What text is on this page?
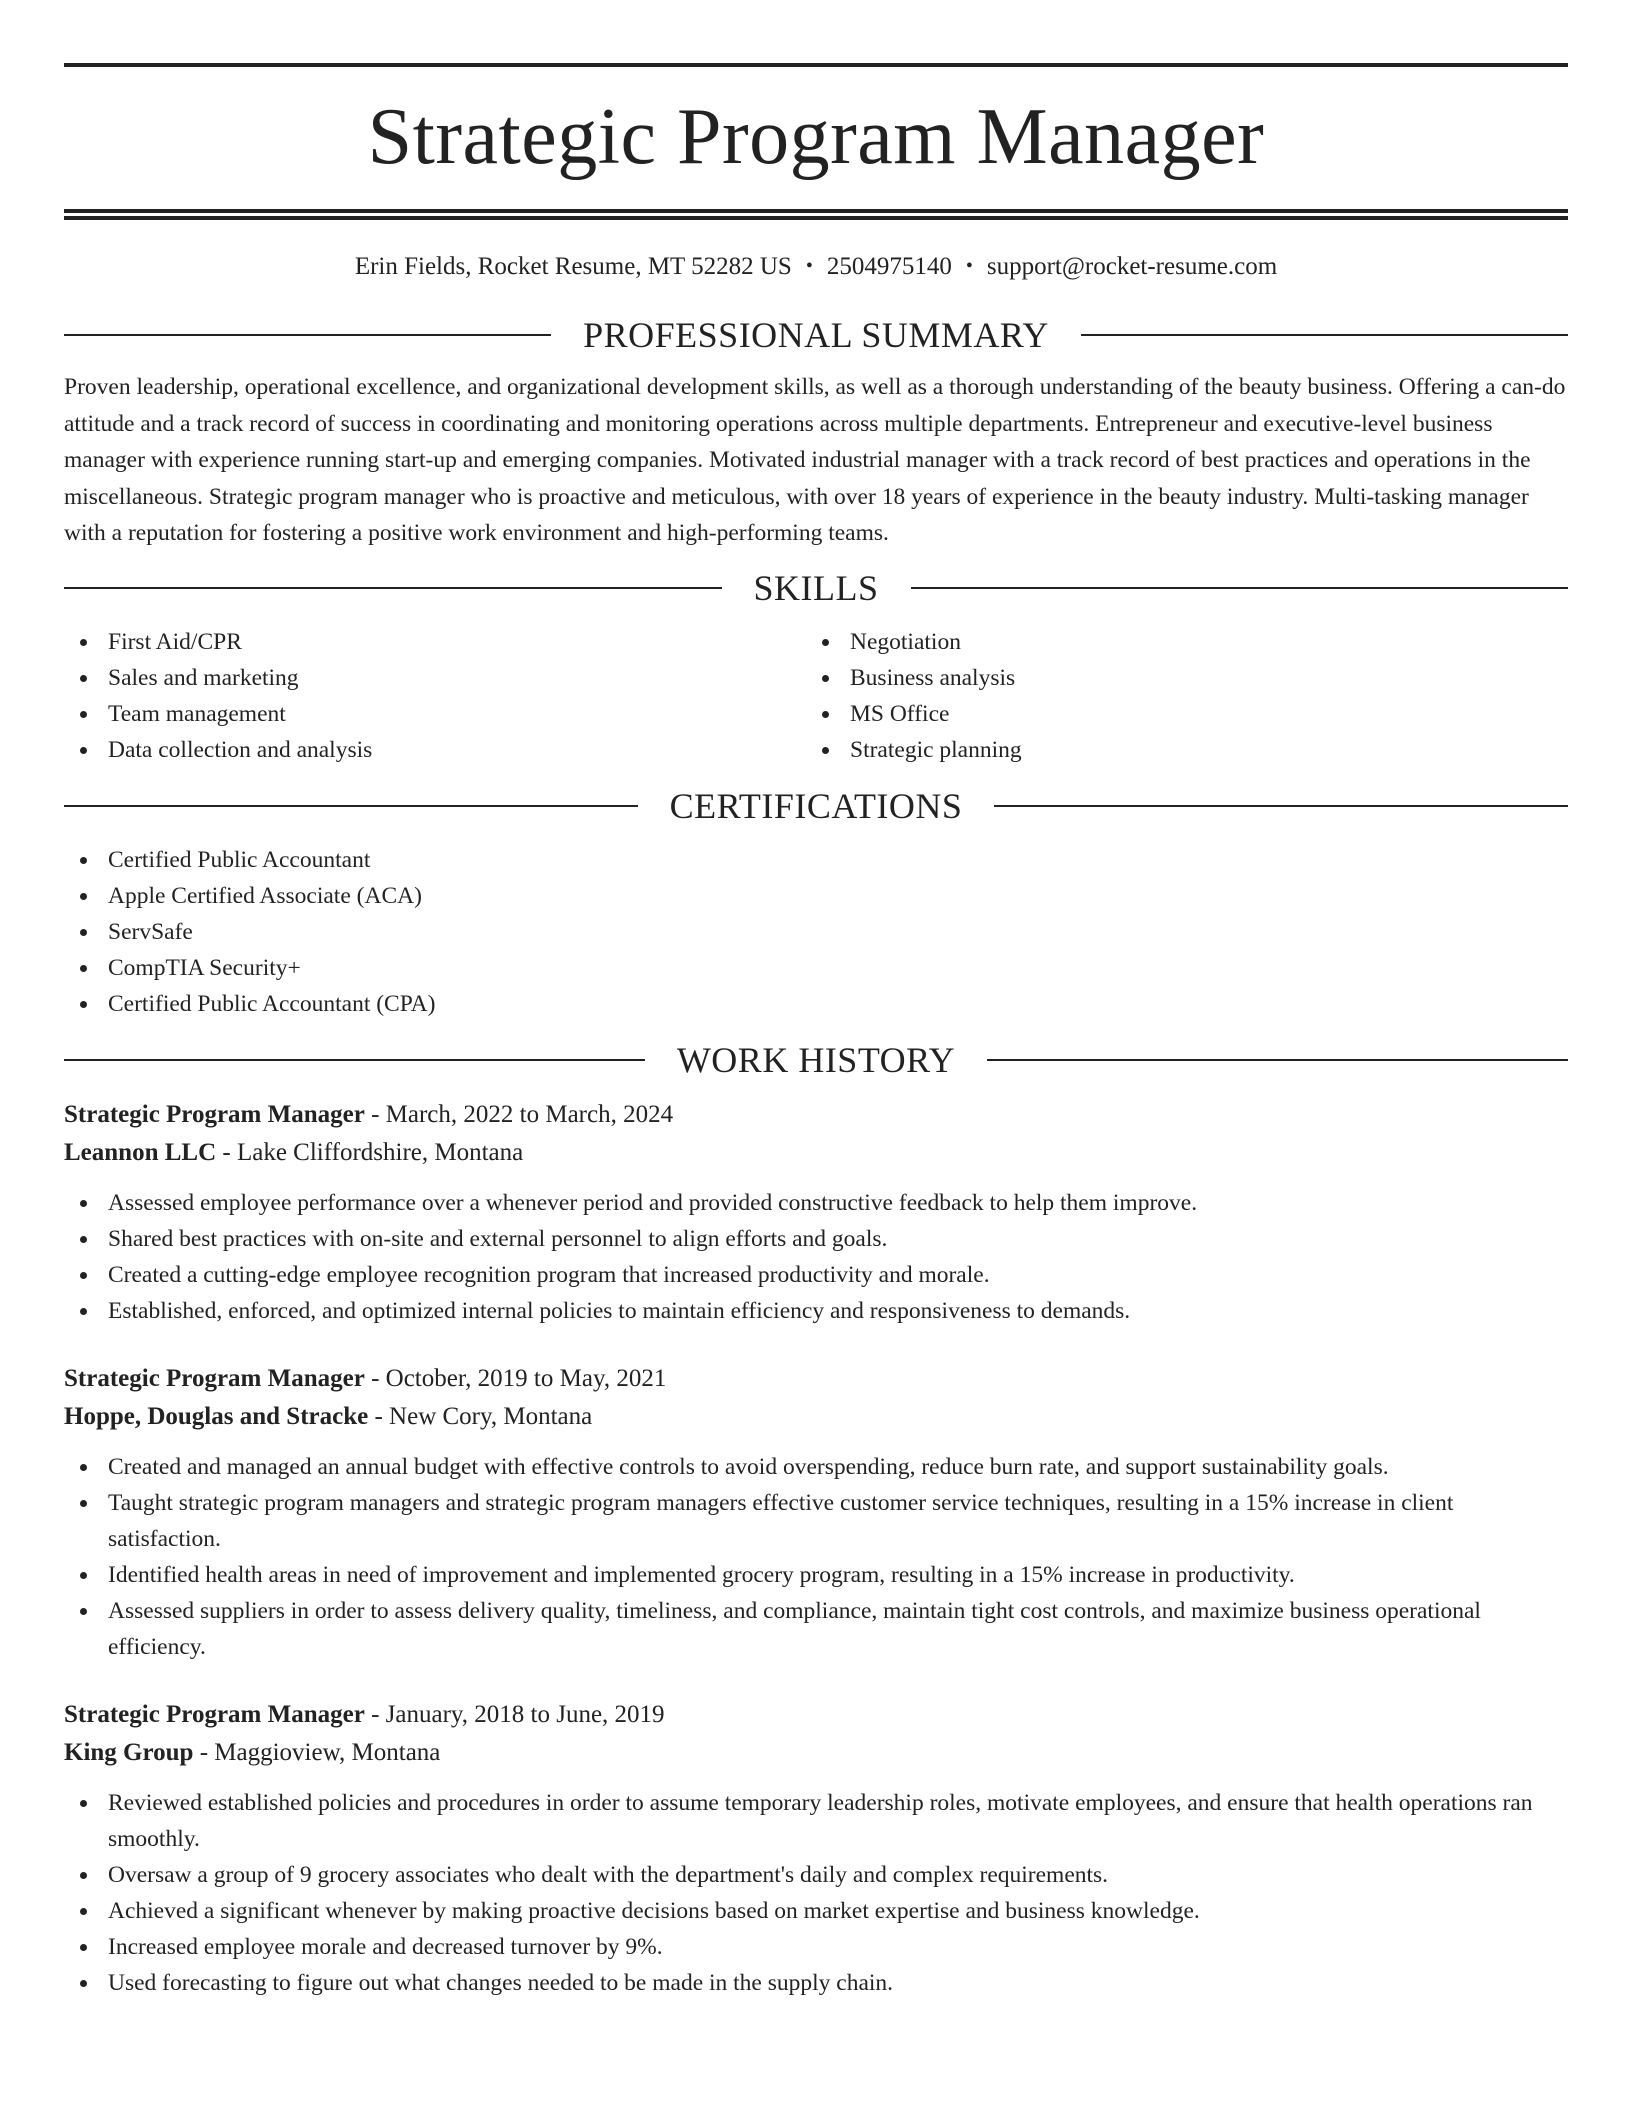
Strategic Program Manager
Erin Fields, Rocket Resume, MT 52282 US • 2504975140 • support@rocket-resume.com
PROFESSIONAL SUMMARY
Proven leadership, operational excellence, and organizational development skills, as well as a thorough understanding of the beauty business. Offering a can-do attitude and a track record of success in coordinating and monitoring operations across multiple departments. Entrepreneur and executive-level business manager with experience running start-up and emerging companies. Motivated industrial manager with a track record of best practices and operations in the miscellaneous. Strategic program manager who is proactive and meticulous, with over 18 years of experience in the beauty industry. Multi-tasking manager with a reputation for fostering a positive work environment and high-performing teams.
SKILLS
First Aid/CPR
Sales and marketing
Team management
Data collection and analysis
Negotiation
Business analysis
MS Office
Strategic planning
CERTIFICATIONS
Certified Public Accountant
Apple Certified Associate (ACA)
ServSafe
CompTIA Security+
Certified Public Accountant (CPA)
WORK HISTORY
Strategic Program Manager - March, 2022 to March, 2024
Leannon LLC - Lake Cliffordshire, Montana
Assessed employee performance over a whenever period and provided constructive feedback to help them improve.
Shared best practices with on-site and external personnel to align efforts and goals.
Created a cutting-edge employee recognition program that increased productivity and morale.
Established, enforced, and optimized internal policies to maintain efficiency and responsiveness to demands.
Strategic Program Manager - October, 2019 to May, 2021
Hoppe, Douglas and Stracke - New Cory, Montana
Created and managed an annual budget with effective controls to avoid overspending, reduce burn rate, and support sustainability goals.
Taught strategic program managers and strategic program managers effective customer service techniques, resulting in a 15% increase in client satisfaction.
Identified health areas in need of improvement and implemented grocery program, resulting in a 15% increase in productivity.
Assessed suppliers in order to assess delivery quality, timeliness, and compliance, maintain tight cost controls, and maximize business operational efficiency.
Strategic Program Manager - January, 2018 to June, 2019
King Group - Maggioview, Montana
Reviewed established policies and procedures in order to assume temporary leadership roles, motivate employees, and ensure that health operations ran smoothly.
Oversaw a group of 9 grocery associates who dealt with the department's daily and complex requirements.
Achieved a significant whenever by making proactive decisions based on market expertise and business knowledge.
Increased employee morale and decreased turnover by 9%.
Used forecasting to figure out what changes needed to be made in the supply chain.
